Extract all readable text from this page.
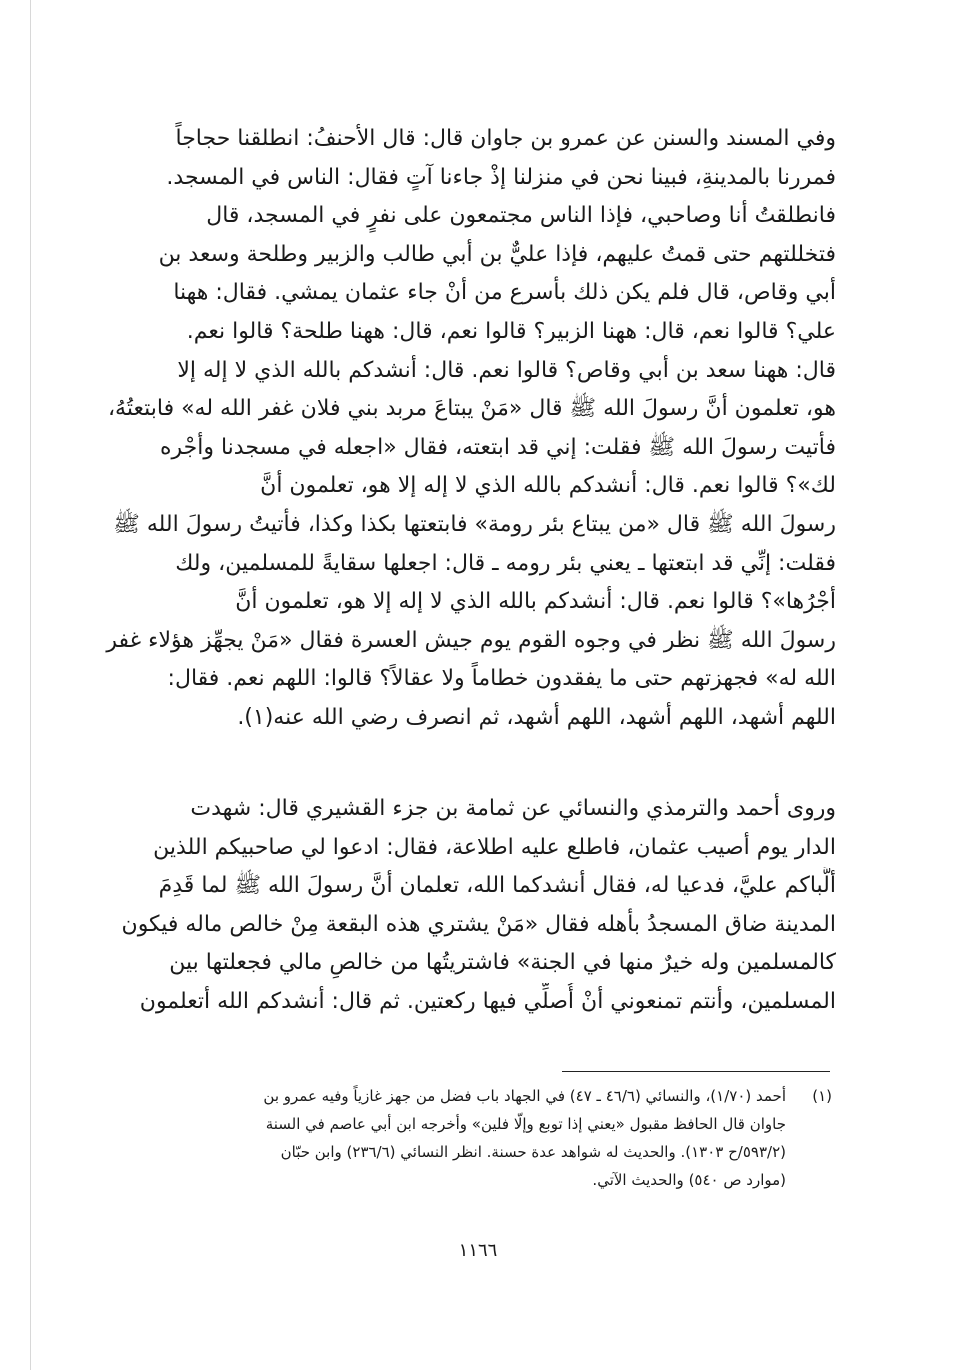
وفي المسند والسنن عن عمرو بن جاوان قال: قال الأحنفُ: انطلقنا حجاجاً
فمررنا بالمدينةِ، فبينا نحن في منزلنا إذْ جاءنا آتٍ فقال: الناس في المسجد.
فانطلقتُ أنا وصاحبي، فإذا الناس مجتمعون على نفرٍ في المسجد، قال
فتخللتهم حتى قمتُ عليهم، فإذا عليٌّ بن أبي طالب والزبير وطلحة وسعد بن
أبي وقاص، قال فلم يكن ذلك بأسرع من أنْ جاء عثمان يمشي. فقال: ههنا
علي؟ قالوا نعم، قال: ههنا الزبير؟ قالوا نعم، قال: ههنا طلحة؟ قالوا نعم.
قال: ههنا سعد بن أبي وقاص؟ قالوا نعم. قال: أنشدكم بالله الذي لا إله إلا
هو، تعلمون أنَّ رسولَ الله ﷺ قال «مَنْ يبتاعَ مربد بني فلان غفر الله له» فابتعتُهُ،
فأتيت رسولَ الله ﷺ فقلت: إني قد ابتعته، فقال «اجعله في مسجدنا وأجْره
لك»؟ قالوا نعم. قال: أنشدكم بالله الذي لا إله إلا هو، تعلمون أنَّ
رسولَ الله ﷺ قال «من يبتاع بئر رومة» فابتعتها بكذا وكذا، فأتيتُ رسولَ الله ﷺ
فقلت: إنِّي قد ابتعتها ـ يعني بئر رومه ـ قال: اجعلها سقايةً للمسلمين، ولك
أجْرُها»؟ قالوا نعم. قال: أنشدكم بالله الذي لا إله إلا هو، تعلمون أنَّ
رسولَ الله ﷺ نظر في وجوه القوم يوم جيش العسرة فقال «مَنْ يجهِّز هؤلاء غفر
الله له» فجهزتهم حتى ما يفقدون خطاماً ولا عقالاً؟ قالوا: اللهم نعم. فقال:
اللهم أشهد، اللهم أشهد، اللهم أشهد، ثم انصرف رضي الله عنه(١).
وروى أحمد والترمذي والنسائي عن ثمامة بن جزء القشيري قال: شهدت
الدار يوم أصيب عثمان، فاطلع عليه اطلاعة، فقال: ادعوا لي صاحبيكم اللذين
ألَّباكم عليَّ، فدعيا له، فقال أنشدكما الله، تعلمان أنَّ رسولَ الله ﷺ لما قَدِمَ
المدينة ضاق المسجدُ بأهله فقال «مَنْ يشتري هذه البقعة مِنْ خالص ماله فيكون
كالمسلمين وله خيرٌ منها في الجنة» فاشتريتُها من خالصِ مالي فجعلتها بين
المسلمين، وأنتم تمنعوني أنْ أُصلِّي فيها ركعتين. ثم قال: أنشدكم الله أتعلمون
(١)
أحمد (١/٧٠)، والنسائي (٤٦/٦ ـ ٤٧) في الجهاد باب فضل من جهز غازياً وفيه عمرو بن
جاوان قال الحافظ مقبول «يعني إذا توبع وإلّا فلين» وأخرجه ابن أبي عاصم في السنة
(٥٩٣/٢/ح ١٣٠٣). والحديث له شواهد عدة حسنة. انظر النسائي (٢٣٦/٦) وابن حبّان
(موارد ص ٥٤٠) والحديث الآتي.
١١٦٦
